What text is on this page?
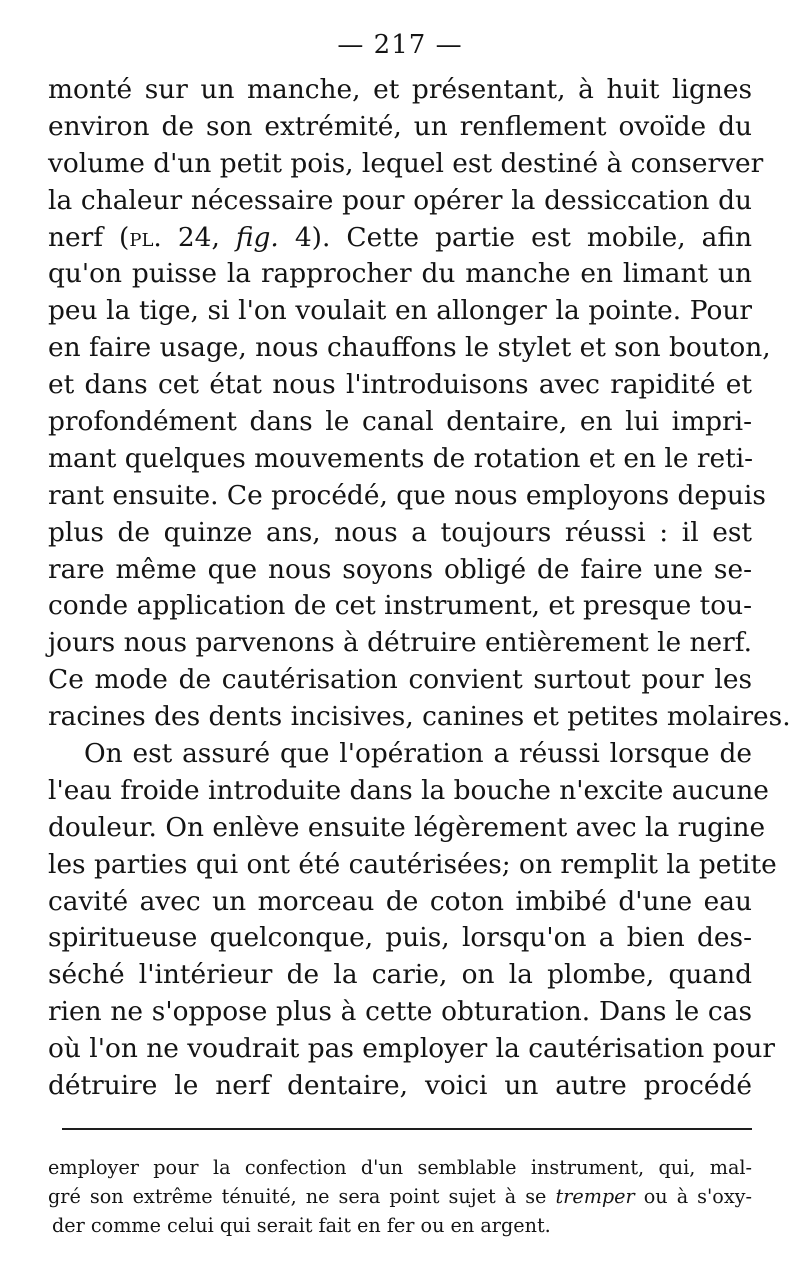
— 217 —
monté sur un manche, et présentant, à huit lignes
environ de son extrémité, un renflement ovoïde du
volume d'un petit pois, lequel est destiné à conserver
la chaleur nécessaire pour opérer la dessiccation du
nerf (pl. 24, fig. 4). Cette partie est mobile, afin
qu'on puisse la rapprocher du manche en limant un
peu la tige, si l'on voulait en allonger la pointe. Pour
en faire usage, nous chauffons le stylet et son bouton,
et dans cet état nous l'introduisons avec rapidité et
profondément dans le canal dentaire, en lui impri-
mant quelques mouvements de rotation et en le reti-
rant ensuite. Ce procédé, que nous employons depuis
plus de quinze ans, nous a toujours réussi : il est
rare même que nous soyons obligé de faire une se-
conde application de cet instrument, et presque tou-
jours nous parvenons à détruire entièrement le nerf.
Ce mode de cautérisation convient surtout pour les
racines des dents incisives, canines et petites molaires.
On est assuré que l'opération a réussi lorsque de
l'eau froide introduite dans la bouche n'excite aucune
douleur. On enlève ensuite légèrement avec la rugine
les parties qui ont été cautérisées; on remplit la petite
cavité avec un morceau de coton imbibé d'une eau
spiritueuse quelconque, puis, lorsqu'on a bien des-
séché l'intérieur de la carie, on la plombe, quand
rien ne s'oppose plus à cette obturation. Dans le cas
où l'on ne voudrait pas employer la cautérisation pour
détruire le nerf dentaire, voici un autre procédé
employer pour la confection d'un semblable instrument, qui, mal-
gré son extrême ténuité, ne sera point sujet à se tremper ou à s'oxy-
der comme celui qui serait fait en fer ou en argent.
